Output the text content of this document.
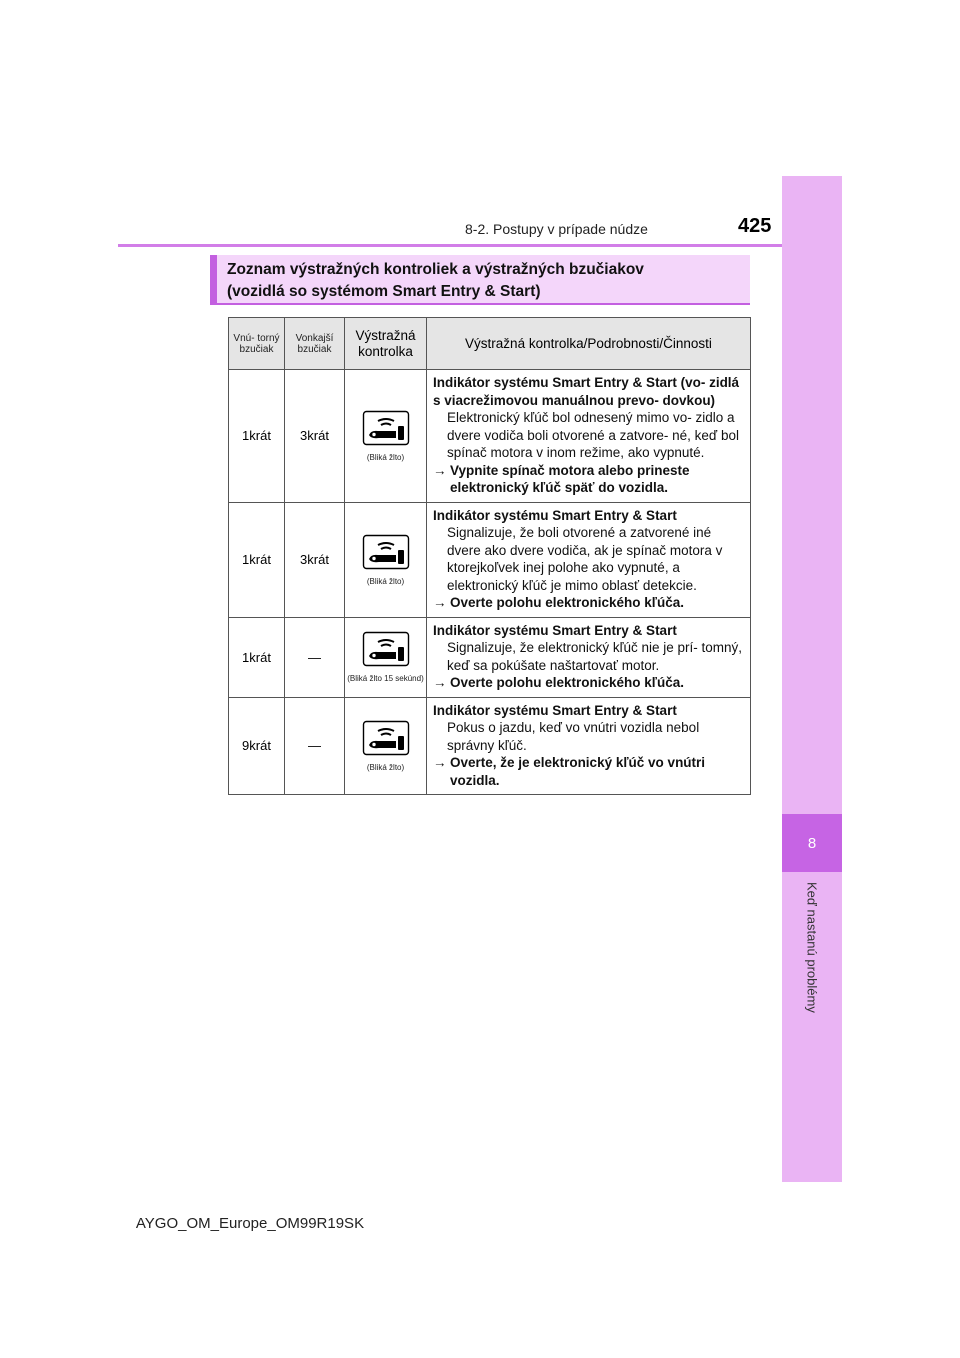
8
Keď nastanú problémy
8-2. Postupy v prípade núdze	425
Zoznam výstražných kontroliek a výstražných bzučiakov
(vozidlá so systémom Smart Entry & Start)
Vnú- torný bzučiak	Vonkajší bzučiak	Výstražná kontrolka	Výstražná kontrolka/Podrobnosti/Činnosti
1krát	3krát	(Bliká žlto)	Indikátor systému Smart Entry & Start (vo- zidlá s viacrežimovou manuálnou prevo- dovkou)
Elektronický kľúč bol odnesený mimo vo- zidlo a dvere vodiča boli otvorené a zatvore- né, keď bol spínač motora v inom režime, ako vypnuté.
→ Vypnite spínač motora alebo prineste elektronický kľúč späť do vozidla.

1krát	3krát	(Bliká žlto)	Indikátor systému Smart Entry & Start
Signalizuje, že boli otvorené a zatvorené iné dvere ako dvere vodiča, ak je spínač motora v ktorejkoľvek inej polohe ako vypnuté, a elektronický kľúč je mimo oblasť detekcie.
→ Overte polohu elektronického kľúča.

1krát	—	(Bliká žlto 15 sekúnd)	Indikátor systému Smart Entry & Start
Signalizuje, že elektronický kľúč nie je prí- tomný, keď sa pokúšate naštartovať motor.
→ Overte polohu elektronického kľúča.

9krát	—	(Bliká žlto)	Indikátor systému Smart Entry & Start
Pokus o jazdu, keď vo vnútri vozidla nebol správny kľúč.
→ Overte, že je elektronický kľúč vo vnútri vozidla.
AYGO_OM_Europe_OM99R19SK
